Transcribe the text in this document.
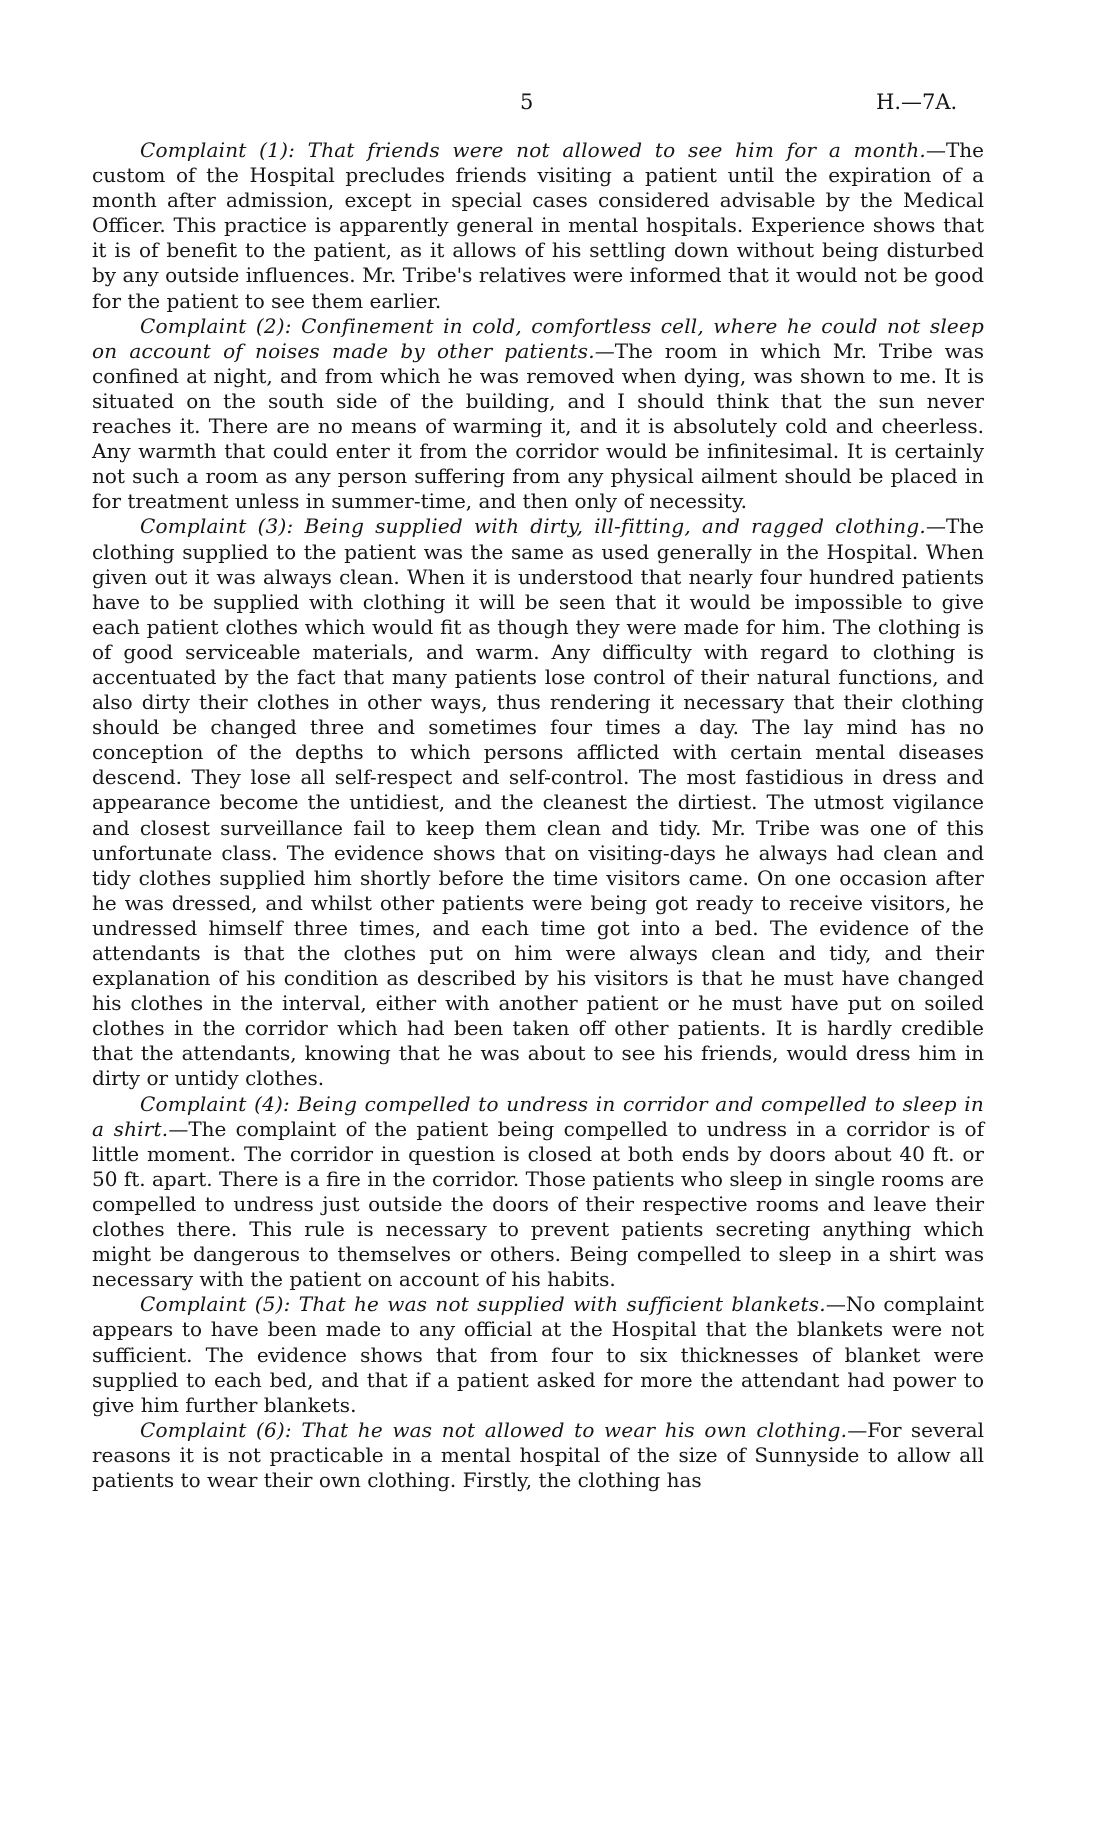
5	H.—7A.

Complaint (1): That friends were not allowed to see him for a month.—The custom of the Hospital precludes friends visiting a patient until the expiration of a month after admission, except in special cases considered advisable by the Medical Officer. This practice is apparently general in mental hospitals. Experience shows that it is of benefit to the patient, as it allows of his settling down without being disturbed by any outside influences. Mr. Tribe's relatives were informed that it would not be good for the patient to see them earlier.

Complaint (2): Confinement in cold, comfortless cell, where he could not sleep on account of noises made by other patients.—The room in which Mr. Tribe was confined at night, and from which he was removed when dying, was shown to me. It is situated on the south side of the building, and I should think that the sun never reaches it. There are no means of warming it, and it is absolutely cold and cheerless. Any warmth that could enter it from the corridor would be infinitesimal. It is certainly not such a room as any person suffering from any physical ailment should be placed in for treatment unless in summer-time, and then only of necessity.

Complaint (3): Being supplied with dirty, ill-fitting, and ragged clothing.—The clothing supplied to the patient was the same as used generally in the Hospital. When given out it was always clean. When it is understood that nearly four hundred patients have to be supplied with clothing it will be seen that it would be impossible to give each patient clothes which would fit as though they were made for him. The clothing is of good serviceable materials, and warm. Any difficulty with regard to clothing is accentuated by the fact that many patients lose control of their natural functions, and also dirty their clothes in other ways, thus rendering it necessary that their clothing should be changed three and sometimes four times a day. The lay mind has no conception of the depths to which persons afflicted with certain mental diseases descend. They lose all self-respect and self-control. The most fastidious in dress and appearance become the untidiest, and the cleanest the dirtiest. The utmost vigilance and closest surveillance fail to keep them clean and tidy. Mr. Tribe was one of this unfortunate class. The evidence shows that on visiting-days he always had clean and tidy clothes supplied him shortly before the time visitors came. On one occasion after he was dressed, and whilst other patients were being got ready to receive visitors, he undressed himself three times, and each time got into a bed. The evidence of the attendants is that the clothes put on him were always clean and tidy, and their explanation of his condition as described by his visitors is that he must have changed his clothes in the interval, either with another patient or he must have put on soiled clothes in the corridor which had been taken off other patients. It is hardly credible that the attendants, knowing that he was about to see his friends, would dress him in dirty or untidy clothes.

Complaint (4): Being compelled to undress in corridor and compelled to sleep in a shirt.—The complaint of the patient being compelled to undress in a corridor is of little moment. The corridor in question is closed at both ends by doors about 40 ft. or 50 ft. apart. There is a fire in the corridor. Those patients who sleep in single rooms are compelled to undress just outside the doors of their respective rooms and leave their clothes there. This rule is necessary to prevent patients secreting anything which might be dangerous to themselves or others. Being compelled to sleep in a shirt was necessary with the patient on account of his habits.

Complaint (5): That he was not supplied with sufficient blankets.—No complaint appears to have been made to any official at the Hospital that the blankets were not sufficient. The evidence shows that from four to six thicknesses of blanket were supplied to each bed, and that if a patient asked for more the attendant had power to give him further blankets.

Complaint (6): That he was not allowed to wear his own clothing.—For several reasons it is not practicable in a mental hospital of the size of Sunnyside to allow all patients to wear their own clothing. Firstly, the clothing has
